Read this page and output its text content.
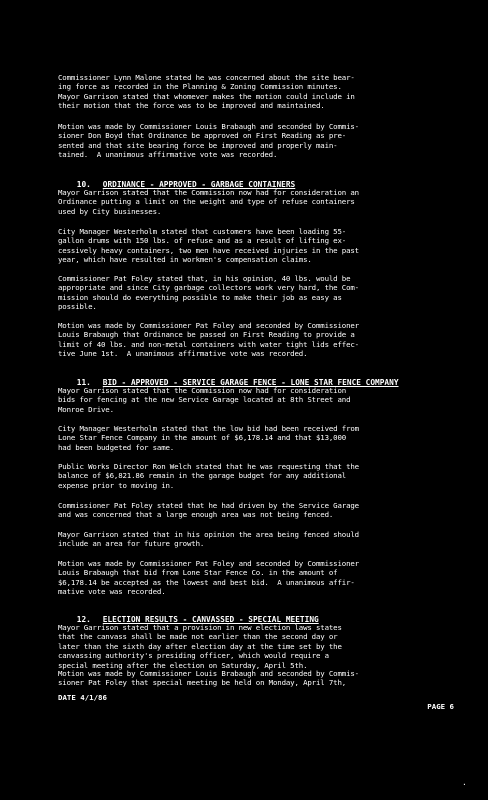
Commissioner Lynn Malone stated he was concerned about the site bear-
ing force as recorded in the Planning & Zoning Commission minutes.
Mayor Garrison stated that whomever makes the motion could include in
their motion that the force was to be improved and maintained.

Motion was made by Commissioner Louis Brabaugh and seconded by Commis-
sioner Don Boyd that Ordinance be approved on First Reading as pre-
sented and that site bearing force be improved and properly main-
tained.  A unanimous affirmative vote was recorded.

10. ORDINANCE - APPROVED - GARBAGE CONTAINERS

Mayor Garrison stated that the Commission now had for consideration an
Ordinance putting a limit on the weight and type of refuse containers
used by City businesses.

City Manager Westerholm stated that customers have been loading 55-
gallon drums with 150 lbs. of refuse and as a result of lifting ex-
cessively heavy containers, two men have received injuries in the past
year, which have resulted in workmen's compensation claims.

Commissioner Pat Foley stated that, in his opinion, 40 lbs. would be
appropriate and since City garbage collectors work very hard, the Com-
mission should do everything possible to make their job as easy as
possible.

Motion was made by Commissioner Pat Foley and seconded by Commissioner
Louis Brabaugh that Ordinance be passed on First Reading to provide a
limit of 40 lbs. and non-metal containers with water tight lids effec-
tive June 1st.  A unanimous affirmative vote was recorded.

11. BID - APPROVED - SERVICE GARAGE FENCE - LONE STAR FENCE COMPANY

Mayor Garrison stated that the Commission now had for consideration
bids for fencing at the new Service Garage located at 8th Street and
Monroe Drive.

City Manager Westerholm stated that the low bid had been received from
Lone Star Fence Company in the amount of $6,178.14 and that $13,000
had been budgeted for same.

Public Works Director Ron Welch stated that he was requesting that the
balance of $6,821.86 remain in the garage budget for any additional
expense prior to moving in.

Commissioner Pat Foley stated that he had driven by the Service Garage
and was concerned that a large enough area was not being fenced.

Mayor Garrison stated that in his opinion the area being fenced should
include an area for future growth.

Motion was made by Commissioner Pat Foley and seconded by Commissioner
Louis Brabaugh that bid from Lone Star Fence Co. in the amount of
$6,178.14 be accepted as the lowest and best bid.  A unanimous affir-
mative vote was recorded.

12. ELECTION RESULTS - CANVASSED - SPECIAL MEETING

Mayor Garrison stated that a provision in new election laws states
that the canvass shall be made not earlier than the second day or
later than the sixth day after election day at the time set by the
canvassing authority's presiding officer, which would require a
special meeting after the election on Saturday, April 5th.

Motion was made by Commissioner Louis Brabaugh and seconded by Commis-
sioner Pat Foley that special meeting be held on Monday, April 7th,

DATE 4/1/86

PAGE 6

·
